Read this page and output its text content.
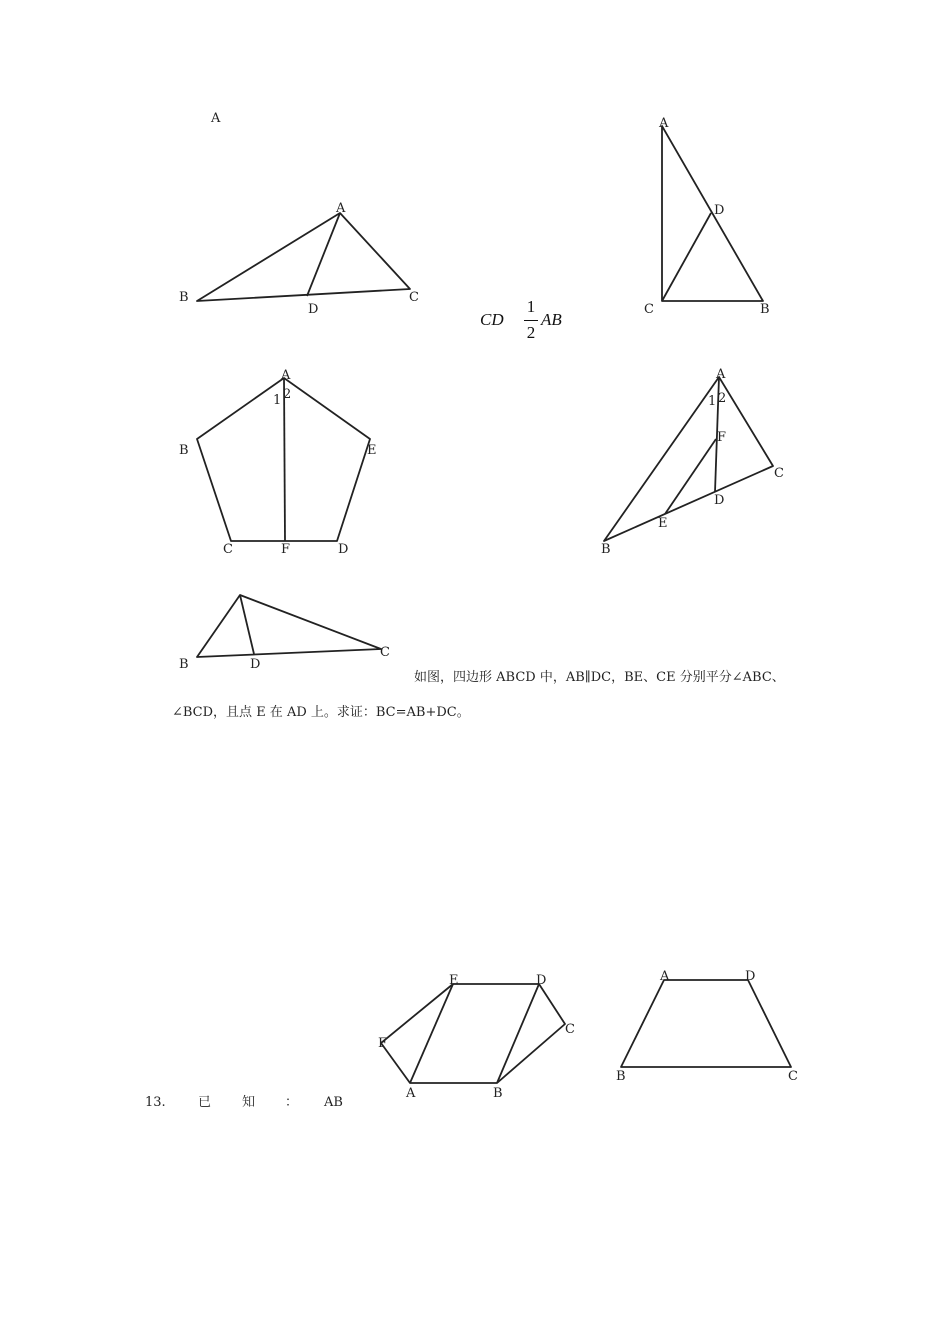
A
A
B	C
D
A
D
C	B
A
1 2
B	E
C	F	D
A
1 2
F
C
D
E
B
B	D
C
E	D
C
F
A	B
A	D
B	C
CD
1
2
AB
如图，四边形 ABCD 中，AB∥DC，BE、CE 分别平分∠ABC、
∠BCD，且点 E 在 AD 上。求证：BC=AB+DC。
13. 已 知 ： AB
